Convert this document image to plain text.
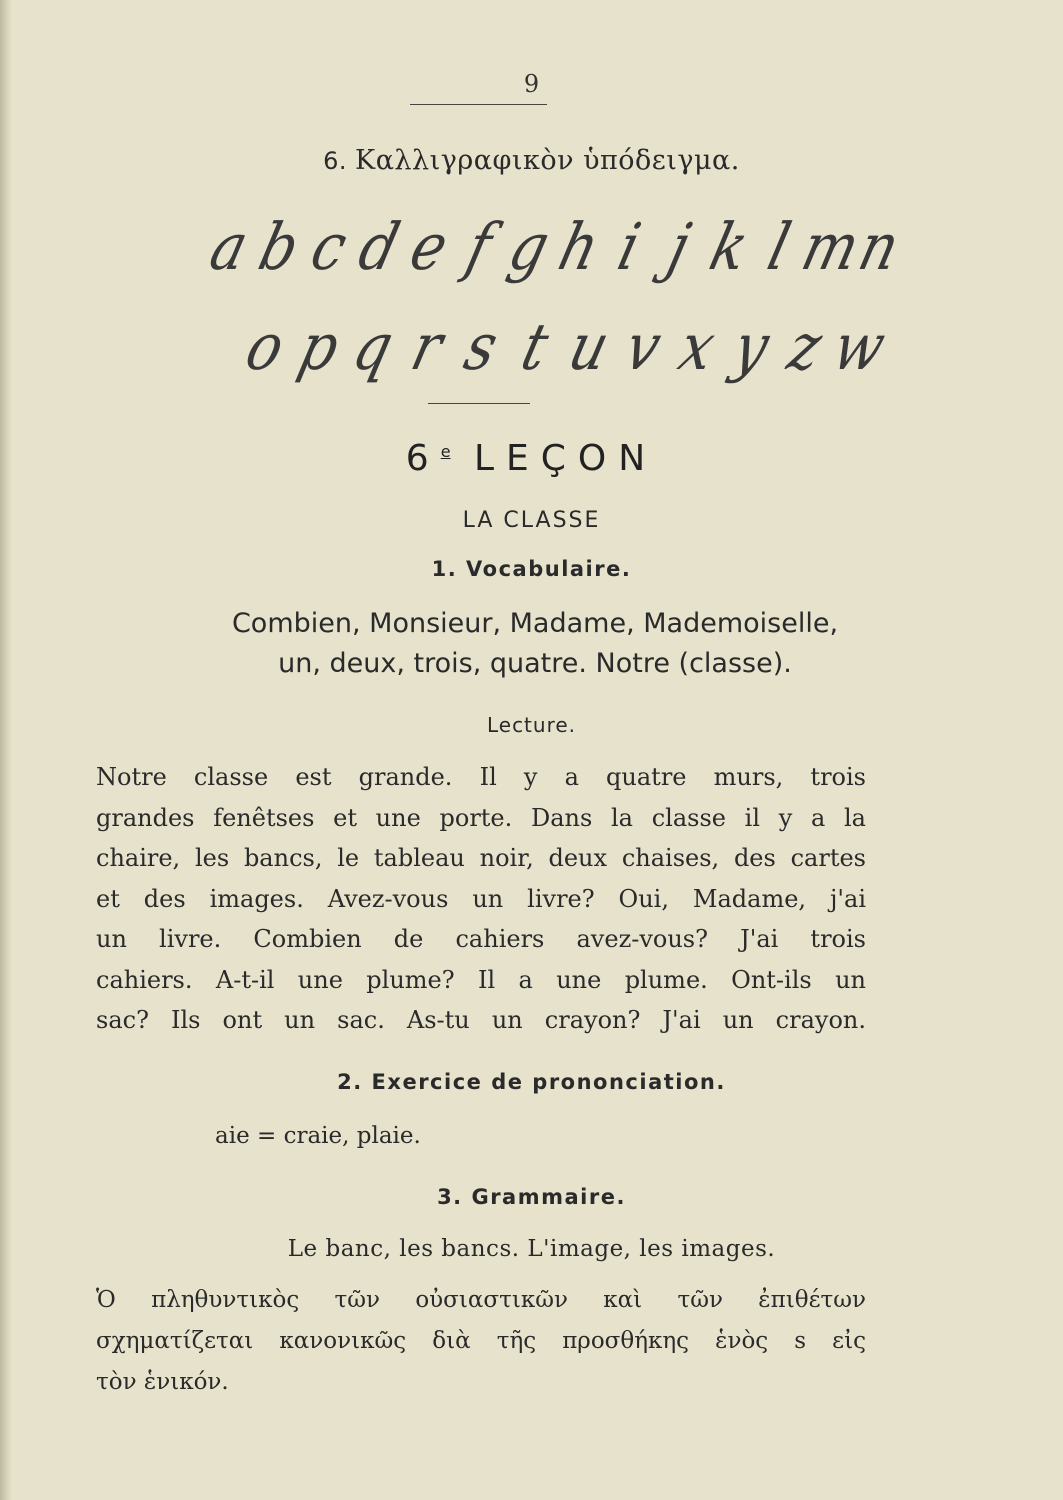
9
6. Καλλιγραφικὸν ὑπόδειγμα.
a
b
c
d
e f g
h i j k l
m
n
o p q r s t u v x y z
w
6e LEÇON
LA CLASSE
1. Vocabulaire.
Combien, Monsieur, Madame, Mademoiselle,
un, deux, trois, quatre. Notre (classe).
Lecture.

Notre classe est grande. Il y a quatre murs, trois

grandes fenêtses et une porte. Dans la classe il y a la

chaire, les bancs, le tableau noir, deux chaises, des cartes

et des images. Avez-vous un livre? Oui, Madame, j'ai

un livre. Combien de cahiers avez-vous? J'ai trois

cahiers. A-t-il une plume? Il a une plume. Ont-ils un

sac? Ils ont un sac. As-tu un crayon? J'ai un crayon.

2. Exercice de prononciation.
aie = craie, plaie.
3. Grammaire.
Le banc, les bancs. L'image, les images.
Ὁ πληθυντικὸς τῶν οὐσιαστικῶν καὶ τῶν ἐπιθέτων
σχηματίζεται κανονικῶς διὰ τῆς προσθήκης ἑνὸς s εἰς
τὸν ἑνικόν.
